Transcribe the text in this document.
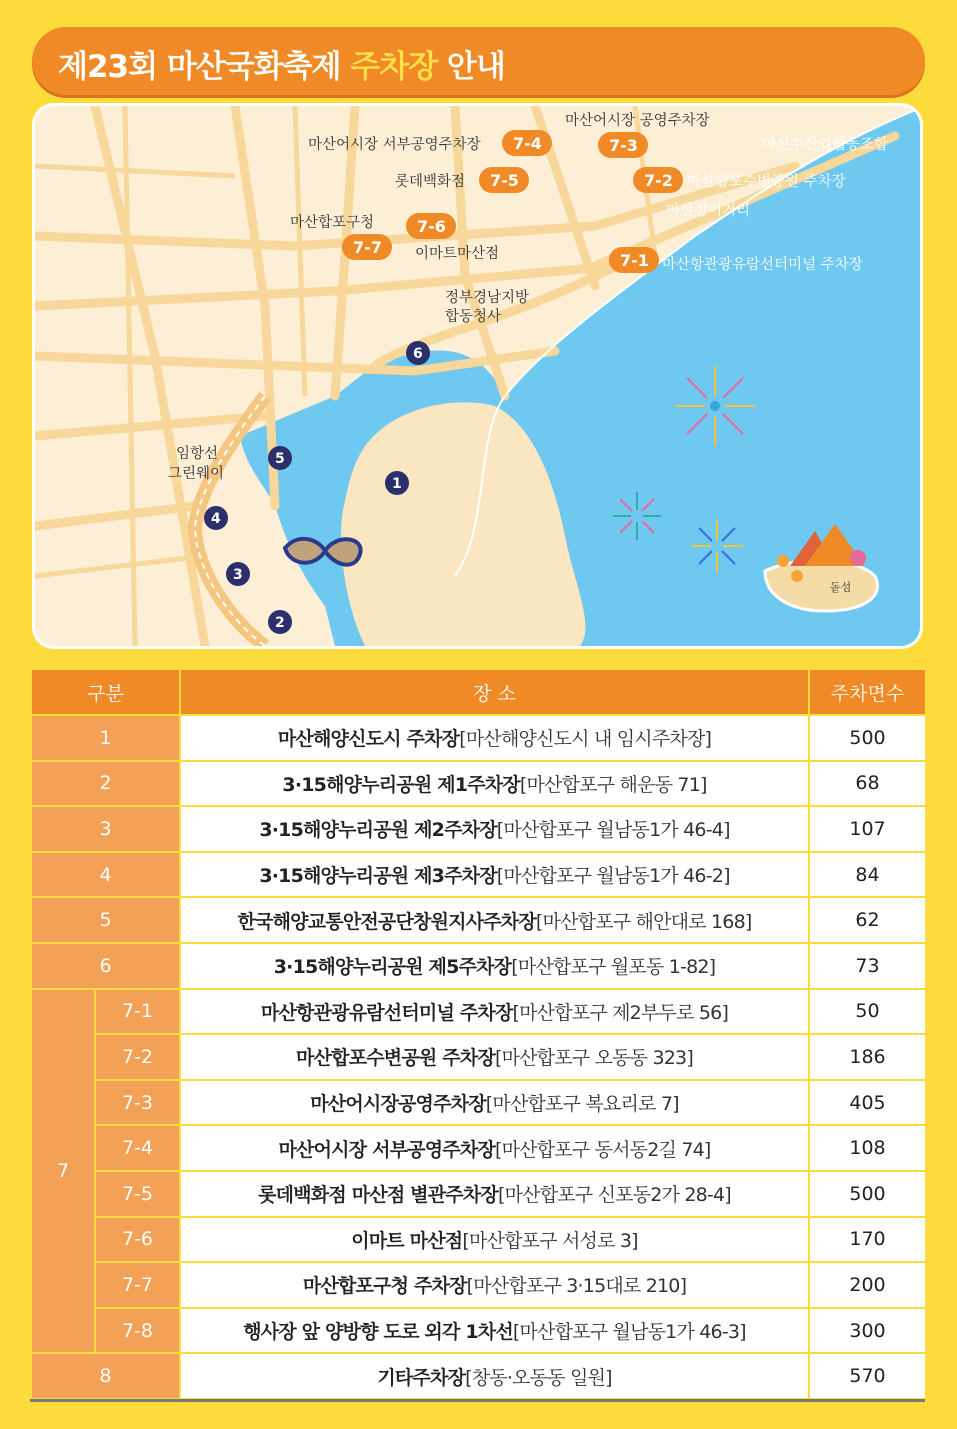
제23회 마산국화축제 주차장 안내
돝섬
7-4	7-3
7-5	7-2
7-6
7-7
7-1
마산어시장 서부공영주차장
마산어시장 공영주차장
롯데백화점
마산수산업협동조합
마산합포수변공원 주차장
마산장어거리
마산합포구청
이마트마산점
마산항관광유람선터미널 주차장
정부경남지방
합동청사
임항선
그린웨이
6
5
1
4
3
2
구분		장 소	주차면수
1		마산해양신도시 주차장[마산해양신도시 내 임시주차장]	500
2		3·15해양누리공원 제1주차장[마산합포구 해운동 71]	68
3		3·15해양누리공원 제2주차장[마산합포구 월남동1가 46-4]	107
4		3·15해양누리공원 제3주차장[마산합포구 월남동1가 46-2]	84
5		한국해양교통안전공단창원지사주차장[마산합포구 해안대로 168]	62
6		3·15해양누리공원 제5주차장[마산합포구 월포동 1-82]	73
7	7-1	마산항관광유람선터미널 주차장[마산합포구 제2부두로 56]	50
	7-2	마산합포수변공원 주차장[마산합포구 오동동 323]	186
	7-3	마산어시장공영주차장[마산합포구 복요리로 7]	405
	7-4	마산어시장 서부공영주차장[마산합포구 동서동2길 74]	108
	7-5	롯데백화점 마산점 별관주차장[마산합포구 신포동2가 28-4]	500
	7-6	이마트 마산점[마산합포구 서성로 3]	170
	7-7	마산합포구청 주차장[마산합포구 3·15대로 210]	200
	7-8	행사장 앞 양방향 도로 외각 1차선[마산합포구 월남동1가 46-3]	300
8		기타주차장[창동·오동동 일원]	570
